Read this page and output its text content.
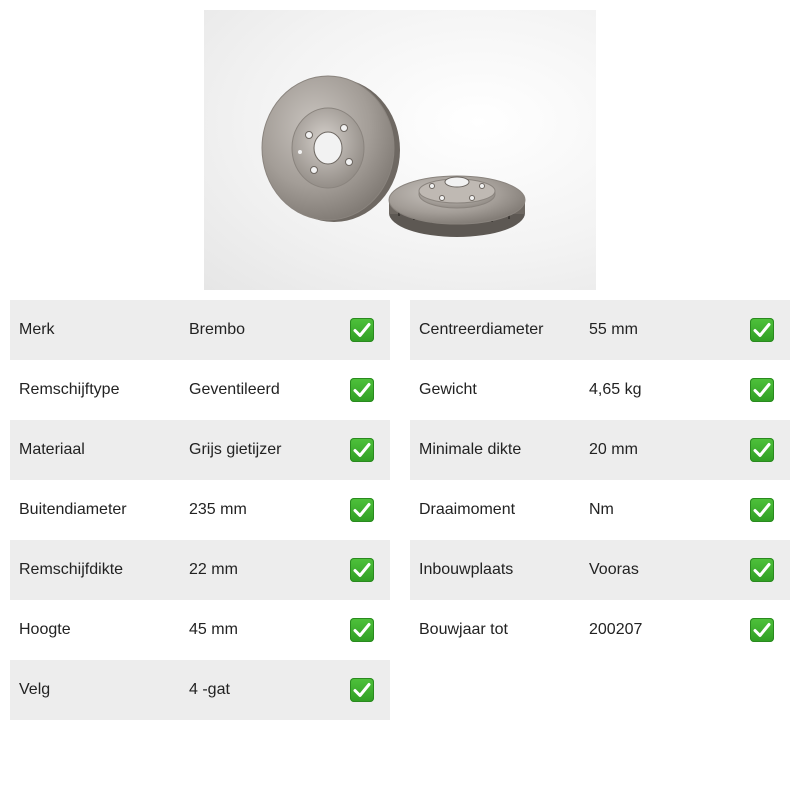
Merk	Brembo
Remschijftype	Geventileerd
Materiaal	Grijs gietijzer
Buitendiameter	235 mm
Remschijfdikte	22 mm
Hoogte	45 mm
Velg	4 -gat
Centreerdiameter	55 mm
Gewicht	4,65 kg
Minimale dikte	20 mm
Draaimoment	Nm
Inbouwplaats	Vooras
Bouwjaar tot	200207
